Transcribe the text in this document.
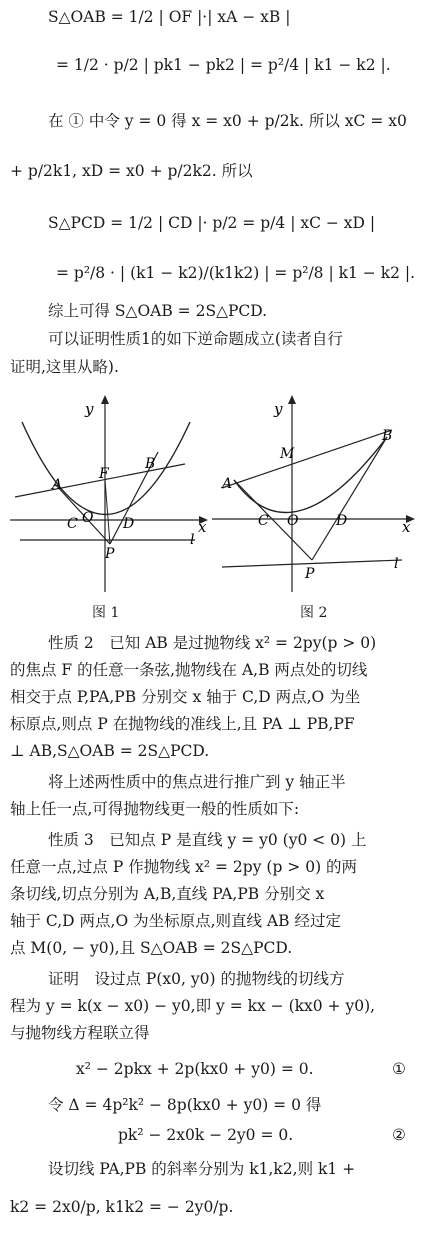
S△OAB = 1/2 | OF |·| xA − xB |
= 1/2 · p/2 | pk1 − pk2 | = p²/4 | k1 − k2 |.
在 ① 中令 y = 0 得 x = x0 + p/2k. 所以 xC = x0
+ p/2k1, xD = x0 + p/2k2. 所以
S△PCD = 1/2 | CD |· p/2 = p/4 | xC − xD |
= p²/8 · | (k1 − k2)/(k1k2) | = p²/8 | k1 − k2 |.
综上可得 S△OAB = 2S△PCD.
可以证明性质1的如下逆命题成立(读者自行
证明,这里从略).
y
x
A
B
F
C O D
P
l
图 1
y
x
A
B
M
C O	D
P
l
图 2
性质 2　已知 AB 是过抛物线 x² = 2py(p > 0)
的焦点 F 的任意一条弦,抛物线在 A,B 两点处的切线
相交于点 P,PA,PB 分别交 x 轴于 C,D 两点,O 为坐
标原点,则点 P 在抛物线的准线上,且 PA ⊥ PB,PF
⊥ AB,S△OAB = 2S△PCD.
将上述两性质中的焦点进行推广到 y 轴正半
轴上任一点,可得抛物线更一般的性质如下:
性质 3　已知点 P 是直线 y = y0 (y0 < 0) 上
任意一点,过点 P 作抛物线 x² = 2py (p > 0) 的两
条切线,切点分别为 A,B,直线 PA,PB 分别交 x
轴于 C,D 两点,O 为坐标原点,则直线 AB 经过定
点 M(0, − y0),且 S△OAB = 2S△PCD.
证明　设过点 P(x0, y0) 的抛物线的切线方
程为 y = k(x − x0) − y0,即 y = kx − (kx0 + y0),
与抛物线方程联立得
x² − 2pkx + 2p(kx0 + y0) = 0.	①
令 Δ = 4p²k² − 8p(kx0 + y0) = 0 得
pk² − 2x0k − 2y0 = 0.	②
设切线 PA,PB 的斜率分别为 k1,k2,则 k1 +
k2 = 2x0/p, k1k2 = − 2y0/p.
